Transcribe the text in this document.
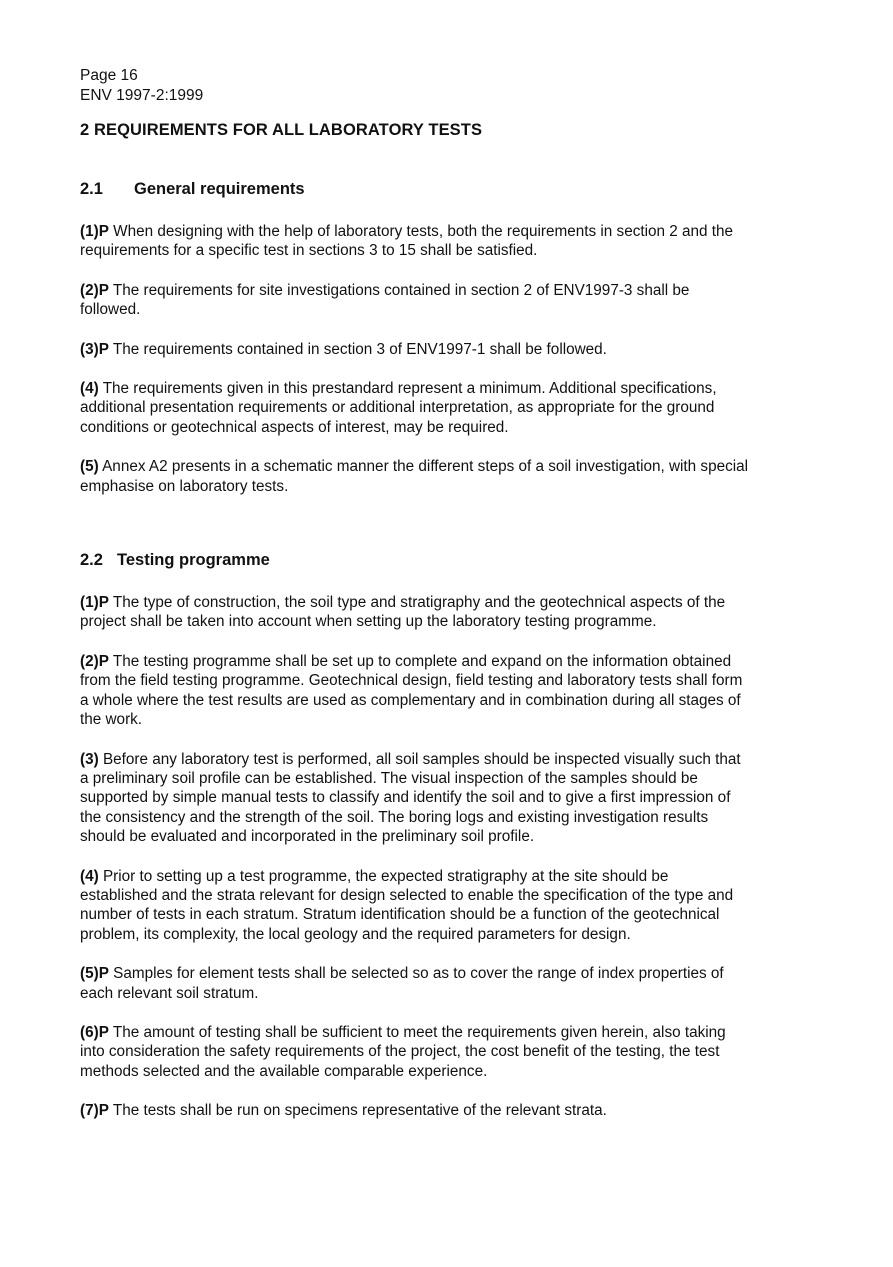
Page 16

ENV 1997-2:1999

2 REQUIREMENTS FOR ALL LABORATORY TESTS
2.1 General requirements

(1)P When designing with the help of laboratory tests, both the requirements in section 2 and the requirements for a specific test in sections 3 to 15 shall be satisfied.

(2)P The requirements for site investigations contained in section 2 of ENV1997-3 shall be followed.

(3)P The requirements contained in section 3 of ENV1997-1 shall be followed.

(4) The requirements given in this prestandard represent a minimum. Additional specifications, additional presentation requirements or additional interpretation, as appropriate for the ground conditions or geotechnical aspects of interest, may be required.

(5) Annex A2 presents in a schematic manner the different steps of a soil investigation, with special emphasise on laboratory tests.

2.2 Testing programme

(1)P The type of construction, the soil type and stratigraphy and the geotechnical aspects of the project shall be taken into account when setting up the laboratory testing programme.

(2)P The testing programme shall be set up to complete and expand on the information obtained from the field testing programme. Geotechnical design, field testing and laboratory tests shall form a whole where the test results are used as complementary and in combination during all stages of the work.

(3) Before any laboratory test is performed, all soil samples should be inspected visually such that a preliminary soil profile can be established. The visual inspection of the samples should be supported by simple manual tests to classify and identify the soil and to give a first impression of the consistency and the strength of the soil. The boring logs and existing investigation results should be evaluated and incorporated in the preliminary soil profile.

(4) Prior to setting up a test programme, the expected stratigraphy at the site should be established and the strata relevant for design selected to enable the specification of the type and number of tests in each stratum. Stratum identification should be a function of the geotechnical problem, its complexity, the local geology and the required parameters for design.

(5)P Samples for element tests shall be selected so as to cover the range of index properties of each relevant soil stratum.

(6)P The amount of testing shall be sufficient to meet the requirements given herein, also taking into consideration the safety requirements of the project, the cost benefit of the testing, the test methods selected and the available comparable experience.

(7)P The tests shall be run on specimens representative of the relevant strata.
